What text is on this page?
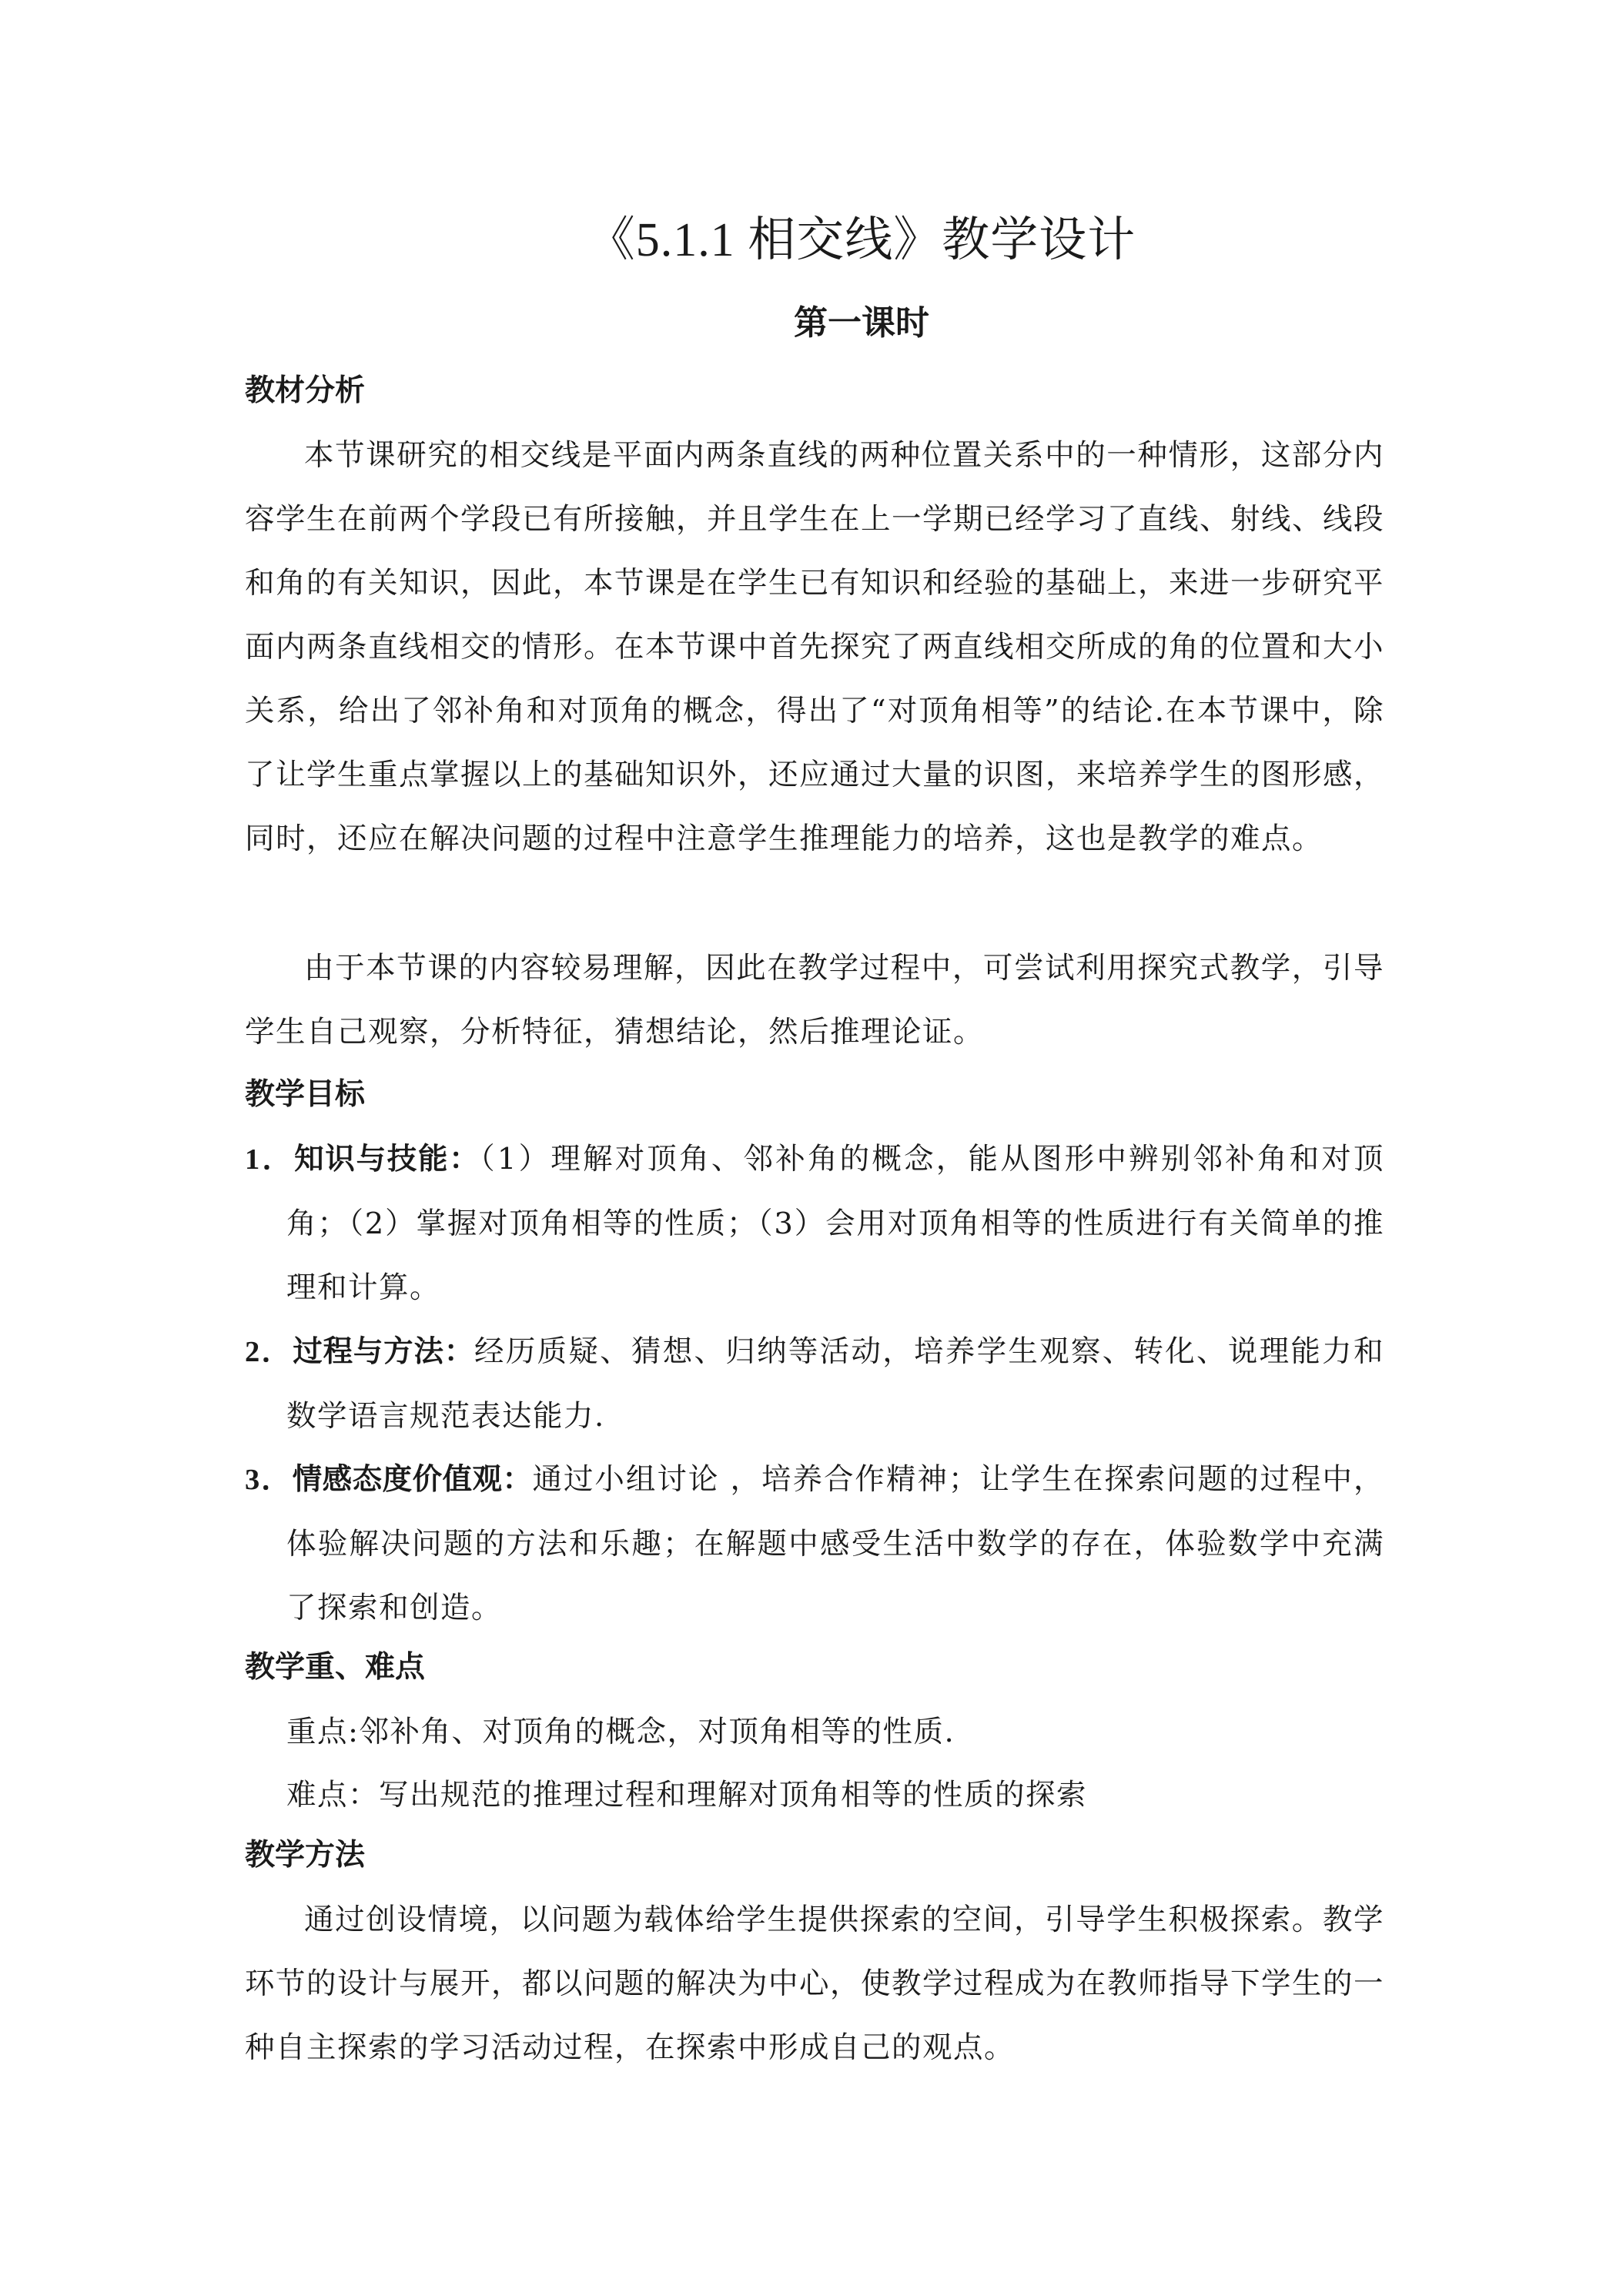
《5.1.1 相交线》教学设计
第一课时
教材分析
本节课研究的相交线是平面内两条直线的两种位置关系中的一种情形，这部分内容学生在前两个学段已有所接触，并且学生在上一学期已经学习了直线、射线、线段和角的有关知识，因此，本节课是在学生已有知识和经验的基础上，来进一步研究平面内两条直线相交的情形。在本节课中首先探究了两直线相交所成的角的位置和大小关系，给出了邻补角和对顶角的概念，得出了“对顶角相等”的结论.在本节课中，除了让学生重点掌握以上的基础知识外，还应通过大量的识图，来培养学生的图形感，同时，还应在解决问题的过程中注意学生推理能力的培养，这也是教学的难点。
由于本节课的内容较易理解，因此在教学过程中，可尝试利用探究式教学，引导学生自己观察，分析特征，猜想结论，然后推理论证。
教学目标
1．知识与技能：（1）理解对顶角、邻补角的概念，能从图形中辨别邻补角和对顶角；（2）掌握对顶角相等的性质；（3）会用对顶角相等的性质进行有关简单的推理和计算。
2．过程与方法：经历质疑、猜想、归纳等活动，培养学生观察、转化、说理能力和数学语言规范表达能力.
3．情感态度价值观：通过小组讨论 ，培养合作精神；让学生在探索问题的过程中，体验解决问题的方法和乐趣；在解题中感受生活中数学的存在，体验数学中充满了探索和创造。
教学重、难点
重点:邻补角、对顶角的概念，对顶角相等的性质.
难点：写出规范的推理过程和理解对顶角相等的性质的探索
教学方法
通过创设情境，以问题为载体给学生提供探索的空间，引导学生积极探索。教学环节的设计与展开，都以问题的解决为中心，使教学过程成为在教师指导下学生的一种自主探索的学习活动过程，在探索中形成自己的观点。
